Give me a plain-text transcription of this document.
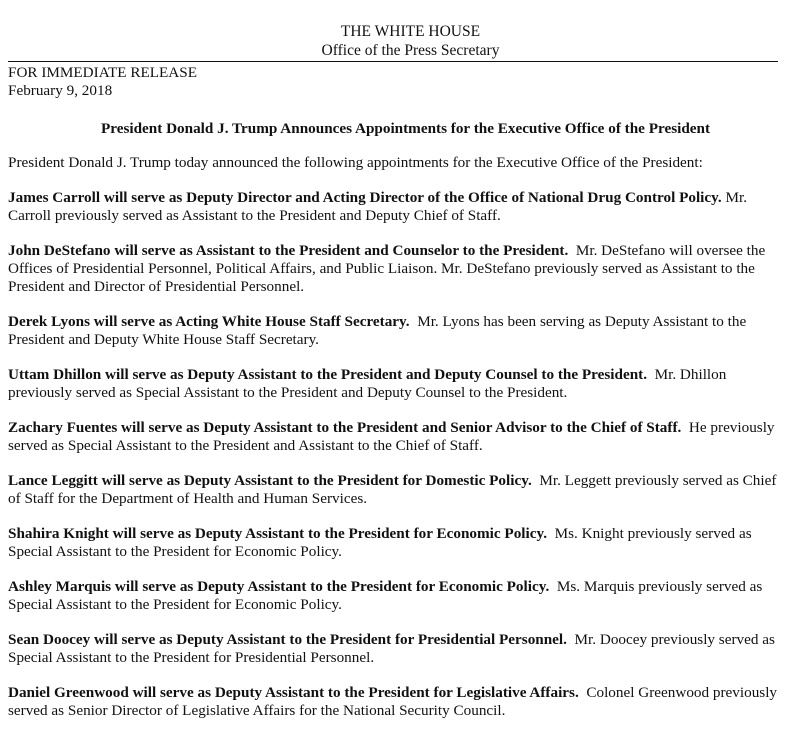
THE WHITE HOUSE
Office of the Press Secretary
FOR IMMEDIATE RELEASE
February 9, 2018
President Donald J. Trump Announces Appointments for the Executive Office of the President
President Donald J. Trump today announced the following appointments for the Executive Office of the President:
James Carroll will serve as Deputy Director and Acting Director of the Office of National Drug Control Policy. Mr. Carroll previously served as Assistant to the President and Deputy Chief of Staff.
John DeStefano will serve as Assistant to the President and Counselor to the President. Mr. DeStefano will oversee the Offices of Presidential Personnel, Political Affairs, and Public Liaison. Mr. DeStefano previously served as Assistant to the President and Director of Presidential Personnel.
Derek Lyons will serve as Acting White House Staff Secretary. Mr. Lyons has been serving as Deputy Assistant to the President and Deputy White House Staff Secretary.
Uttam Dhillon will serve as Deputy Assistant to the President and Deputy Counsel to the President. Mr. Dhillon previously served as Special Assistant to the President and Deputy Counsel to the President.
Zachary Fuentes will serve as Deputy Assistant to the President and Senior Advisor to the Chief of Staff. He previously served as Special Assistant to the President and Assistant to the Chief of Staff.
Lance Leggitt will serve as Deputy Assistant to the President for Domestic Policy. Mr. Leggett previously served as Chief of Staff for the Department of Health and Human Services.
Shahira Knight will serve as Deputy Assistant to the President for Economic Policy. Ms. Knight previously served as Special Assistant to the President for Economic Policy.
Ashley Marquis will serve as Deputy Assistant to the President for Economic Policy. Ms. Marquis previously served as Special Assistant to the President for Economic Policy.
Sean Doocey will serve as Deputy Assistant to the President for Presidential Personnel. Mr. Doocey previously served as Special Assistant to the President for Presidential Personnel.
Daniel Greenwood will serve as Deputy Assistant to the President for Legislative Affairs. Colonel Greenwood previously served as Senior Director of Legislative Affairs for the National Security Council.
